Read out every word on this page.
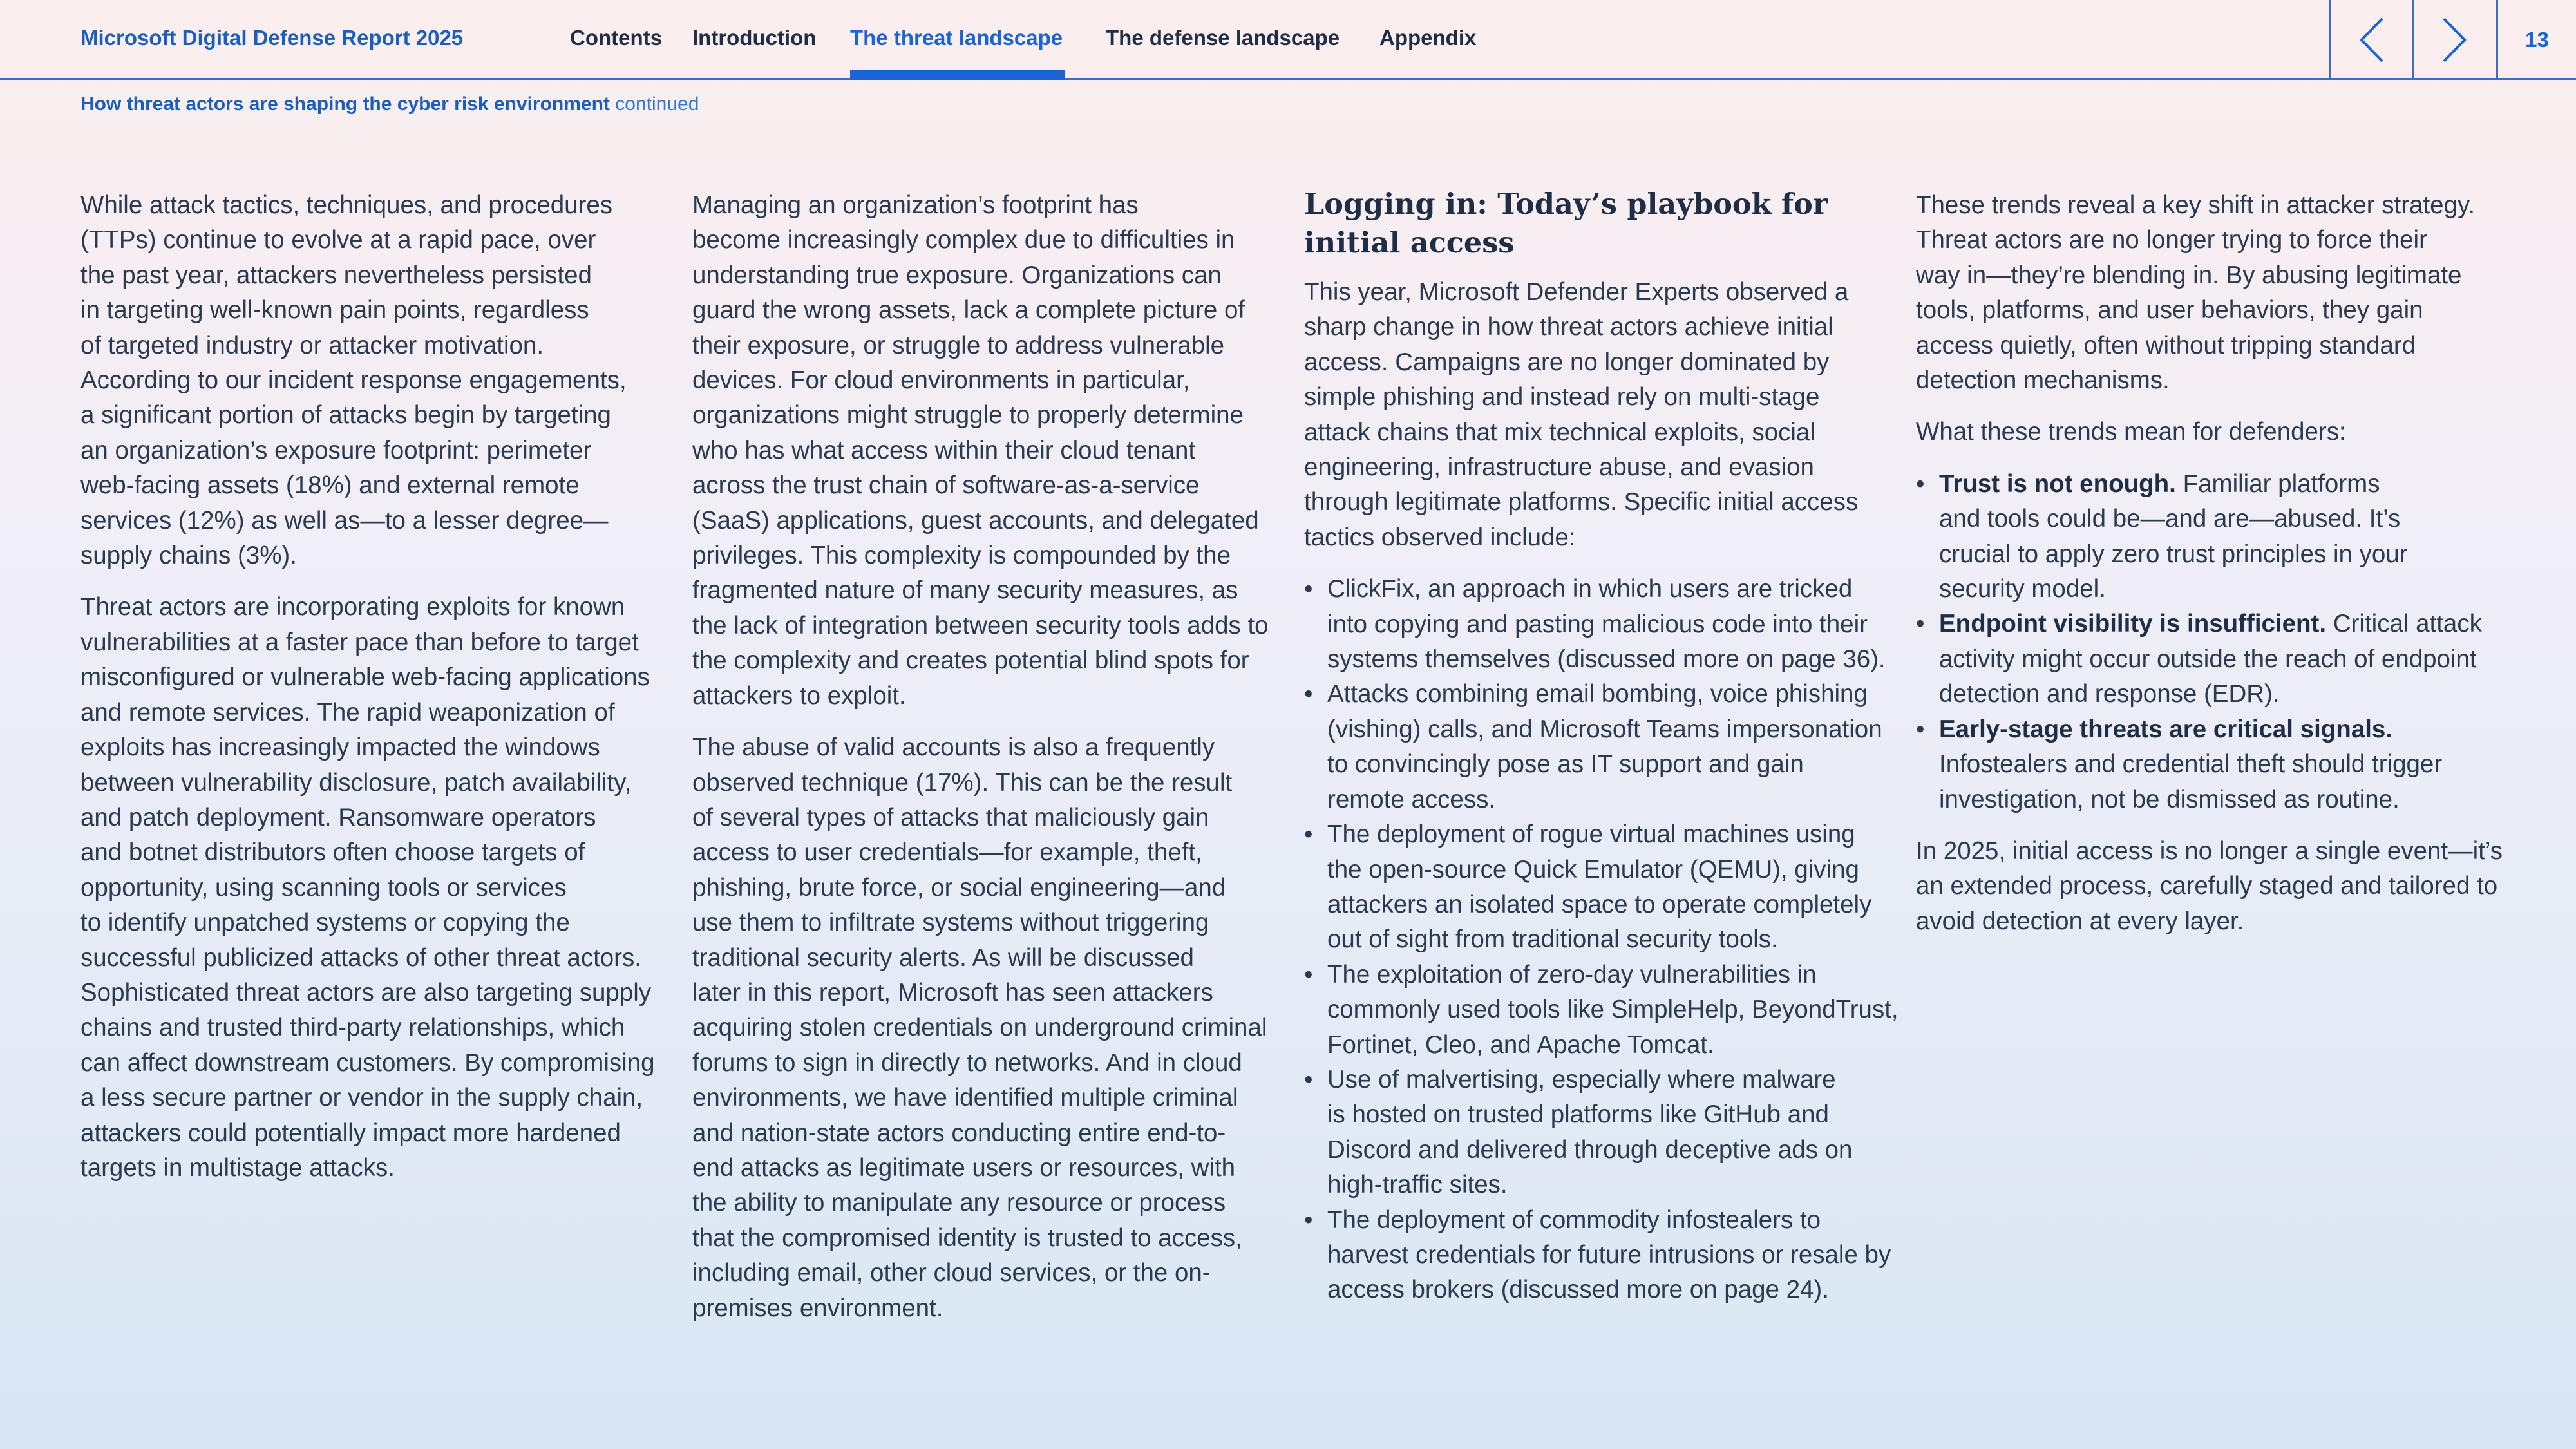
Microsoft Digital Defense Report 2025	Contents Introduction The threat landscape The defense landscape Appendix	13
How threat actors are shaping the cyber risk environment continued

While attack tactics, techniques, and procedures

(TTPs) continue to evolve at a rapid pace, over

the past year, attackers nevertheless persisted

in targeting well-known pain points, regardless

of targeted industry or attacker motivation.

According to our incident response engagements,

a significant portion of attacks begin by targeting

an organization’s exposure footprint: perimeter

web-facing assets (18%) and external remote

services (12%) as well as—to a lesser degree—

supply chains (3%).

Threat actors are incorporating exploits for known

vulnerabilities at a faster pace than before to target

misconfigured or vulnerable web-facing applications

and remote services. The rapid weaponization of

exploits has increasingly impacted the windows

between vulnerability disclosure, patch availability,

and patch deployment. Ransomware operators

and botnet distributors often choose targets of

opportunity, using scanning tools or services

to identify unpatched systems or copying the

successful publicized attacks of other threat actors.

Sophisticated threat actors are also targeting supply

chains and trusted third-party relationships, which

can affect downstream customers. By compromising

a less secure partner or vendor in the supply chain,

attackers could potentially impact more hardened

targets in multistage attacks.

Managing an organization’s footprint has

become increasingly complex due to difficulties in

understanding true exposure. Organizations can

guard the wrong assets, lack a complete picture of

their exposure, or struggle to address vulnerable

devices. For cloud environments in particular,

organizations might struggle to properly determine

who has what access within their cloud tenant

across the trust chain of software-as-a-service

(SaaS) applications, guest accounts, and delegated

privileges. This complexity is compounded by the

fragmented nature of many security measures, as

the lack of integration between security tools adds to

the complexity and creates potential blind spots for

attackers to exploit.

The abuse of valid accounts is also a frequently

observed technique (17%). This can be the result

of several types of attacks that maliciously gain

access to user credentials—for example, theft,

phishing, brute force, or social engineering—and

use them to infiltrate systems without triggering

traditional security alerts. As will be discussed

later in this report, Microsoft has seen attackers

acquiring stolen credentials on underground criminal

forums to sign in directly to networks. And in cloud

environments, we have identified multiple criminal

and nation-state actors conducting entire end-to-

end attacks as legitimate users or resources, with

the ability to manipulate any resource or process

that the compromised identity is trusted to access,

including email, other cloud services, or the on-

premises environment.

Logging in: Today’s playbook for

initial access

This year, Microsoft Defender Experts observed a

sharp change in how threat actors achieve initial

access. Campaigns are no longer dominated by

simple phishing and instead rely on multi-stage

attack chains that mix technical exploits, social

engineering, infrastructure abuse, and evasion

through legitimate platforms. Specific initial access

tactics observed include:

• ClickFix, an approach in which users are tricked
into copying and pasting malicious code into their
systems themselves (discussed more on page 36).
• Attacks combining email bombing, voice phishing
(vishing) calls, and Microsoft Teams impersonation
to convincingly pose as IT support and gain
remote access.
• The deployment of rogue virtual machines using
the open-source Quick Emulator (QEMU), giving
attackers an isolated space to operate completely
out of sight from traditional security tools.
• The exploitation of zero-day vulnerabilities in
commonly used tools like SimpleHelp, BeyondTrust,
Fortinet, Cleo, and Apache Tomcat.
• Use of malvertising, especially where malware
is hosted on trusted platforms like GitHub and
Discord and delivered through deceptive ads on
high-traffic sites.
• The deployment of commodity infostealers to
harvest credentials for future intrusions or resale by
access brokers (discussed more on page 24).

These trends reveal a key shift in attacker strategy.

Threat actors are no longer trying to force their

way in—they’re blending in. By abusing legitimate

tools, platforms, and user behaviors, they gain

access quietly, often without tripping standard

detection mechanisms.

What these trends mean for defenders:

• Trust is not enough. Familiar platforms
and tools could be—and are—abused. It’s
crucial to apply zero trust principles in your
security model.
• Endpoint visibility is insufficient. Critical attack
activity might occur outside the reach of endpoint
detection and response (EDR).
• Early-stage threats are critical signals.
Infostealers and credential theft should trigger
investigation, not be dismissed as routine.

In 2025, initial access is no longer a single event—it’s

an extended process, carefully staged and tailored to

avoid detection at every layer.
